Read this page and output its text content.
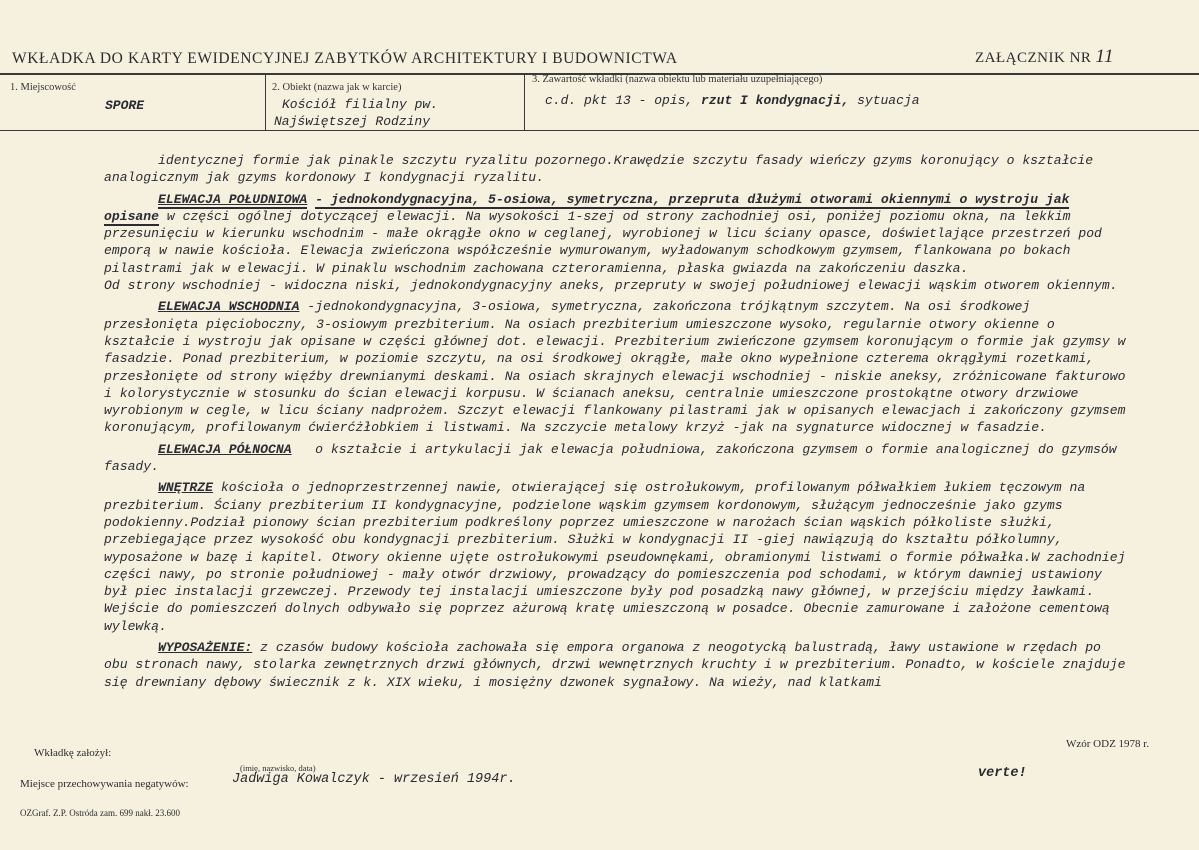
WKŁADKA DO KARTY EWIDENCYJNEJ ZABYTKÓW ARCHITEKTURY I BUDOWNICTWA	ZAŁĄCZNIK NR 11
1. Miejscowość
SPORE
2. Obiekt (nazwa jak w karcie)
Kościół filialny pw.
Najświętszej Rodziny
3. Zawartość wkładki (nazwa obiektu lub materiału uzupełniającego)
c.d. pkt 13 - opis, rzut I kondygnacji, sytuacja

identycznej formie jak pinakle szczytu ryzalitu pozornego.Krawędzie szczytu fasady wieńczy gzyms koronujący o kształcie analogicznym jak gzyms kordonowy I kondygnacji ryzalitu.

ELEWACJA POŁUDNIOWA - jednokondygnacyjna, 5-osiowa, symetryczna, przepruta dłużymi otworami okiennymi o wystroju jak opisane w części ogólnej dotyczącej elewacji. Na wysokości 1-szej od strony zachodniej osi, poniżej poziomu okna, na lekkim przesunięciu w kierunku wschodnim - małe okrągłe okno w ceglanej, wyrobionej w licu ściany opasce, doświetlające przestrzeń pod emporą w nawie kościoła. Elewacja zwieńczona współcześnie wymurowanym, wyładowanym schodkowym gzymsem, flankowana po bokach pilastrami jak w elewacji. W pinaklu wschodnim zachowana czteroramienna, płaska gwiazda na zakończeniu daszka.

Od strony wschodniej - widoczna niski, jednokondygnacyjny aneks, przepruty w swojej południowej elewacji wąskim otworem okiennym.

ELEWACJA WSCHODNIA -jednokondygnacyjna, 3-osiowa, symetryczna, zakończona trójkątnym szczytem. Na osi środkowej przesłonięta pięcioboczny, 3-osiowym prezbiterium. Na osiach prezbiterium umieszczone wysoko, regularnie otwory okienne o kształcie i wystroju jak opisane w części głównej dot. elewacji. Prezbiterium zwieńczone gzymsem koronującym o formie jak gzymsy w fasadzie. Ponad prezbiterium, w poziomie szczytu, na osi środkowej okrągłe, małe okno wypełnione czterema okrągłymi rozetkami, przesłonięte od strony więźby drewnianymi deskami. Na osiach skrajnych elewacji wschodniej - niskie aneksy, zróżnicowane fakturowo i kolorystycznie w stosunku do ścian elewacji korpusu. W ścianach aneksu, centralnie umieszczone prostokątne otwory drzwiowe wyrobionym w cegle, w licu ściany nadprożem. Szczyt elewacji flankowany pilastrami jak w opisanych elewacjach i zakończony gzymsem koronującym, profilowanym ćwierćżłobkiem i listwami. Na szczycie metalowy krzyż -jak na sygnaturce widocznej w fasadzie.

ELEWACJA PÓŁNOCNA o kształcie i artykulacji jak elewacja południowa, zakończona gzymsem o formie analogicznej do gzymsów fasady.

WNĘTRZE kościoła o jednoprzestrzennej nawie, otwierającej się ostrołukowym, profilowanym półwałkiem łukiem tęczowym na prezbiterium. Ściany prezbiterium II kondygnacyjne, podzielone wąskim gzymsem kordonowym, służącym jednocześnie jako gzyms podokienny.Podział pionowy ścian prezbiterium podkreślony poprzez umieszczone w narożach ścian wąskich półkoliste służki, przebiegające przez wysokość obu kondygnacji prezbiterium. Służki w kondygnacji II -giej nawiązują do kształtu półkolumny, wyposażone w bazę i kapitel. Otwory okienne ujęte ostrołukowymi pseudownękami, obramionymi listwami o formie półwałka.W zachodniej części nawy, po stronie południowej - mały otwór drzwiowy, prowadzący do pomieszczenia pod schodami, w którym dawniej ustawiony był piec instalacji grzewczej. Przewody tej instalacji umieszczone były pod posadzką nawy głównej, w przejściu między ławkami. Wejście do pomieszczeń dolnych odbywało się poprzez ażurową kratę umieszczoną w posadce. Obecnie zamurowane i założone cementową wylewką.

WYPOSAŻENIE: z czasów budowy kościoła zachowała się empora organowa z neogotycką balustradą, ławy ustawione w rzędach po obu stronach nawy, stolarka zewnętrznych drzwi głównych, drzwi wewnętrznych kruchty i w prezbiterium. Ponadto, w kościele znajduje się drewniany dębowy świecznik z k. XIX wieku, i mosiężny dzwonek sygnałowy. Na wieży, nad klatkami

Wkładkę założył:
(imię, nazwisko, data)
Jadwiga Kowalczyk - wrzesień 1994r.
Miejsce przechowywania negatywów:
verte!
Wzór ODZ 1978 r.
OZGraf. Z.P. Ostróda zam. 699 nakł. 23.600
